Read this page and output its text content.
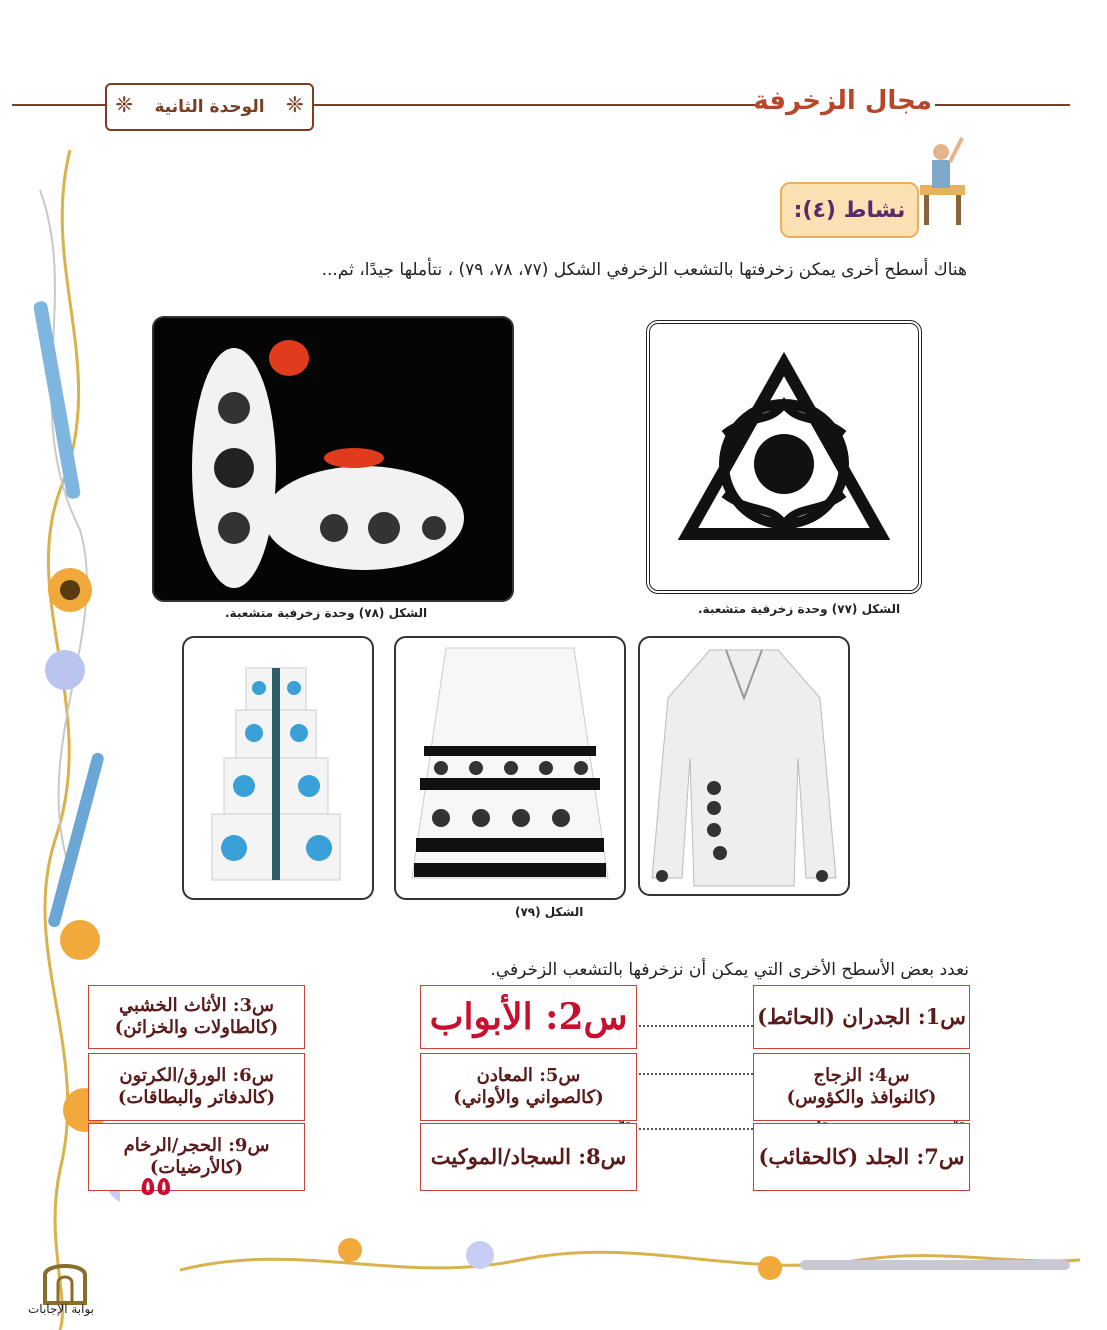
❈ الوحدة الثانية
❈	مجال الزخرفة
نشاط (٤):
هناك أسطح أخرى يمكن زخرفتها بالتشعب الزخرفي الشكل (٧٧، ٧٨، ٧٩) ، نتأملها جيدًا، ثم...
الشكل (٧٨) وحدة زخرفية متشعبة.	الشكل (٧٧) وحدة زخرفية متشعبة.
الشكل (٧٩)
نعدد بعض الأسطح الأخرى التي يمكن أن نزخرفها بالتشعب الزخرفي.
س1: الجدران (الحائط)
س4: الزجاج
(كالنوافذ والكؤوس)
س7: الجلد (كالحقائب)
س2: الأبواب
س5: المعادن
(كالصواني والأواني)
س8: السجاد/الموكيت
س3: الأثاث الخشبي
(كالطاولات والخزائن)
س6: الورق/الكرتون
(كالدفاتر والبطاقات)
س9: الحجر/الرخام
(كالأرضيات)
٥٥
بوابة الإجابات
